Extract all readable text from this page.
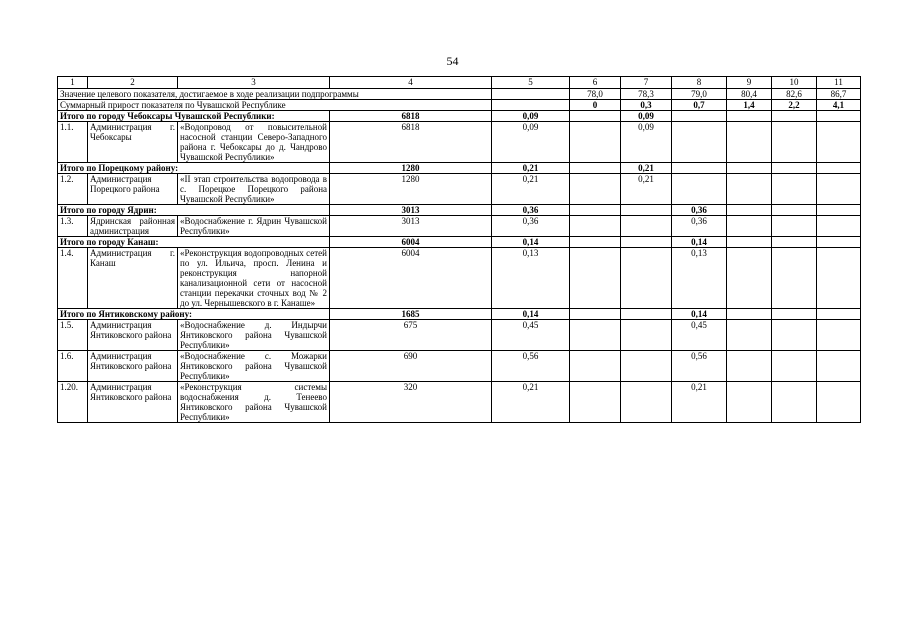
54
1	2	3	4	5	6	7	8	9	10	11
Значение целевого показателя, достигаемое в ходе реализации подпрограммы					78,0	78,3	79,0	80,4	82,6	86,7
Суммарный прирост показателя по Чувашской Республике					0	0,3	0,7	1,4	2,2	4,1
Итого по городу Чебоксары Чувашской Республики:			6818	0,09		0,09				
1.1.	Администрация г. Чебоксары	«Водопровод от повысительной насосной станции Северо-Западного района г. Чебоксары до д. Чандрово Чувашской Республики»	6818	0,09		0,09				
Итого по Порецкому району:			1280	0,21		0,21				
1.2.	Администрация Порецкого района	«II этап строительства водопровода в с. Порецкое Порецкого района Чувашской Республики»	1280	0,21		0,21				
Итого по городу Ядрин:			3013	0,36			0,36			
1.3.	Ядринская районная администрация	«Водоснабжение г. Ядрин Чувашской Республики»	3013	0,36			0,36			
Итого по городу Канаш:			6004	0,14			0,14			
1.4.	Администрация г. Канаш	«Реконструкция водопроводных сетей по ул. Ильича, просп. Ленина и реконструкция напорной канализационной сети от насосной станции перекачки сточных вод № 2 до ул. Чернышевского в г. Канаше»	6004	0,13			0,13			
Итого по Янтиковскому району:			1685	0,14			0,14			
1.5.	Администрация Янтиковского района	«Водоснабжение д. Индырчи Янтиковского района Чувашской Республики»	675	0,45			0,45			
1.6.	Администрация Янтиковского района	«Водоснабжение с. Можарки Янтиковского района Чувашской Республики»	690	0,56			0,56			
1.20.	Администрация Янтиковского района	«Реконструкция системы водоснабжения д. Тенеево Янтиковского района Чувашской Республики»	320	0,21			0,21			
